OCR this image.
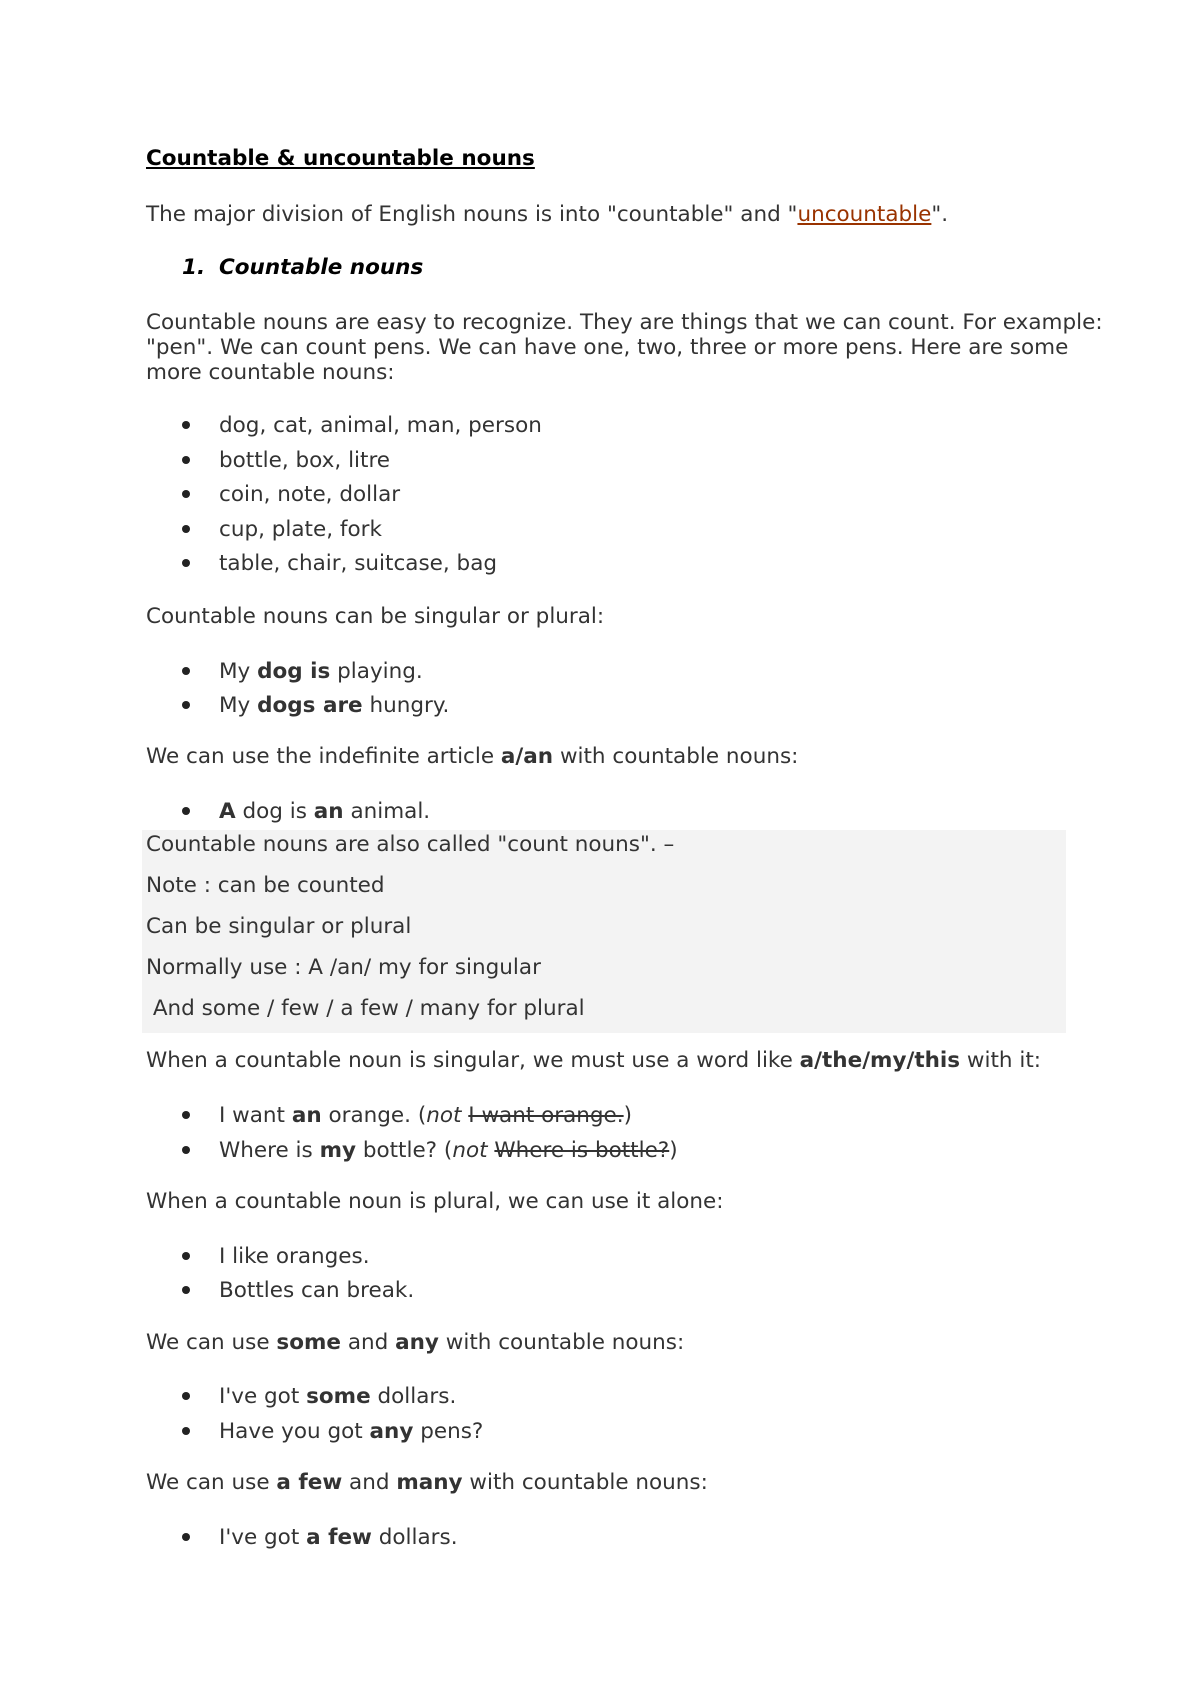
Countable & uncountable nouns
The major division of English nouns is into "countable" and "uncountable".
1. Countable nouns
Countable nouns are easy to recognize. They are things that we can count. For example:
"pen". We can count pens. We can have one, two, three or more pens. Here are some
more countable nouns:
dog, cat, animal, man, person
bottle, box, litre
coin, note, dollar
cup, plate, fork
table, chair, suitcase, bag
Countable nouns can be singular or plural:
My dog is playing.
My dogs are hungry.
We can use the indefinite article a/an with countable nouns:
A dog is an animal.
Countable nouns are also called "count nouns". –
Note : can be counted
Can be singular or plural
Normally use : A /an/ my for singular
And some / few / a few / many for plural
When a countable noun is singular, we must use a word like a/the/my/this with it:
I want an orange. (not I want orange.)
Where is my bottle? (not Where is bottle?)
When a countable noun is plural, we can use it alone:
I like oranges.
Bottles can break.
We can use some and any with countable nouns:
I've got some dollars.
Have you got any pens?
We can use a few and many with countable nouns:
I've got a few dollars.
